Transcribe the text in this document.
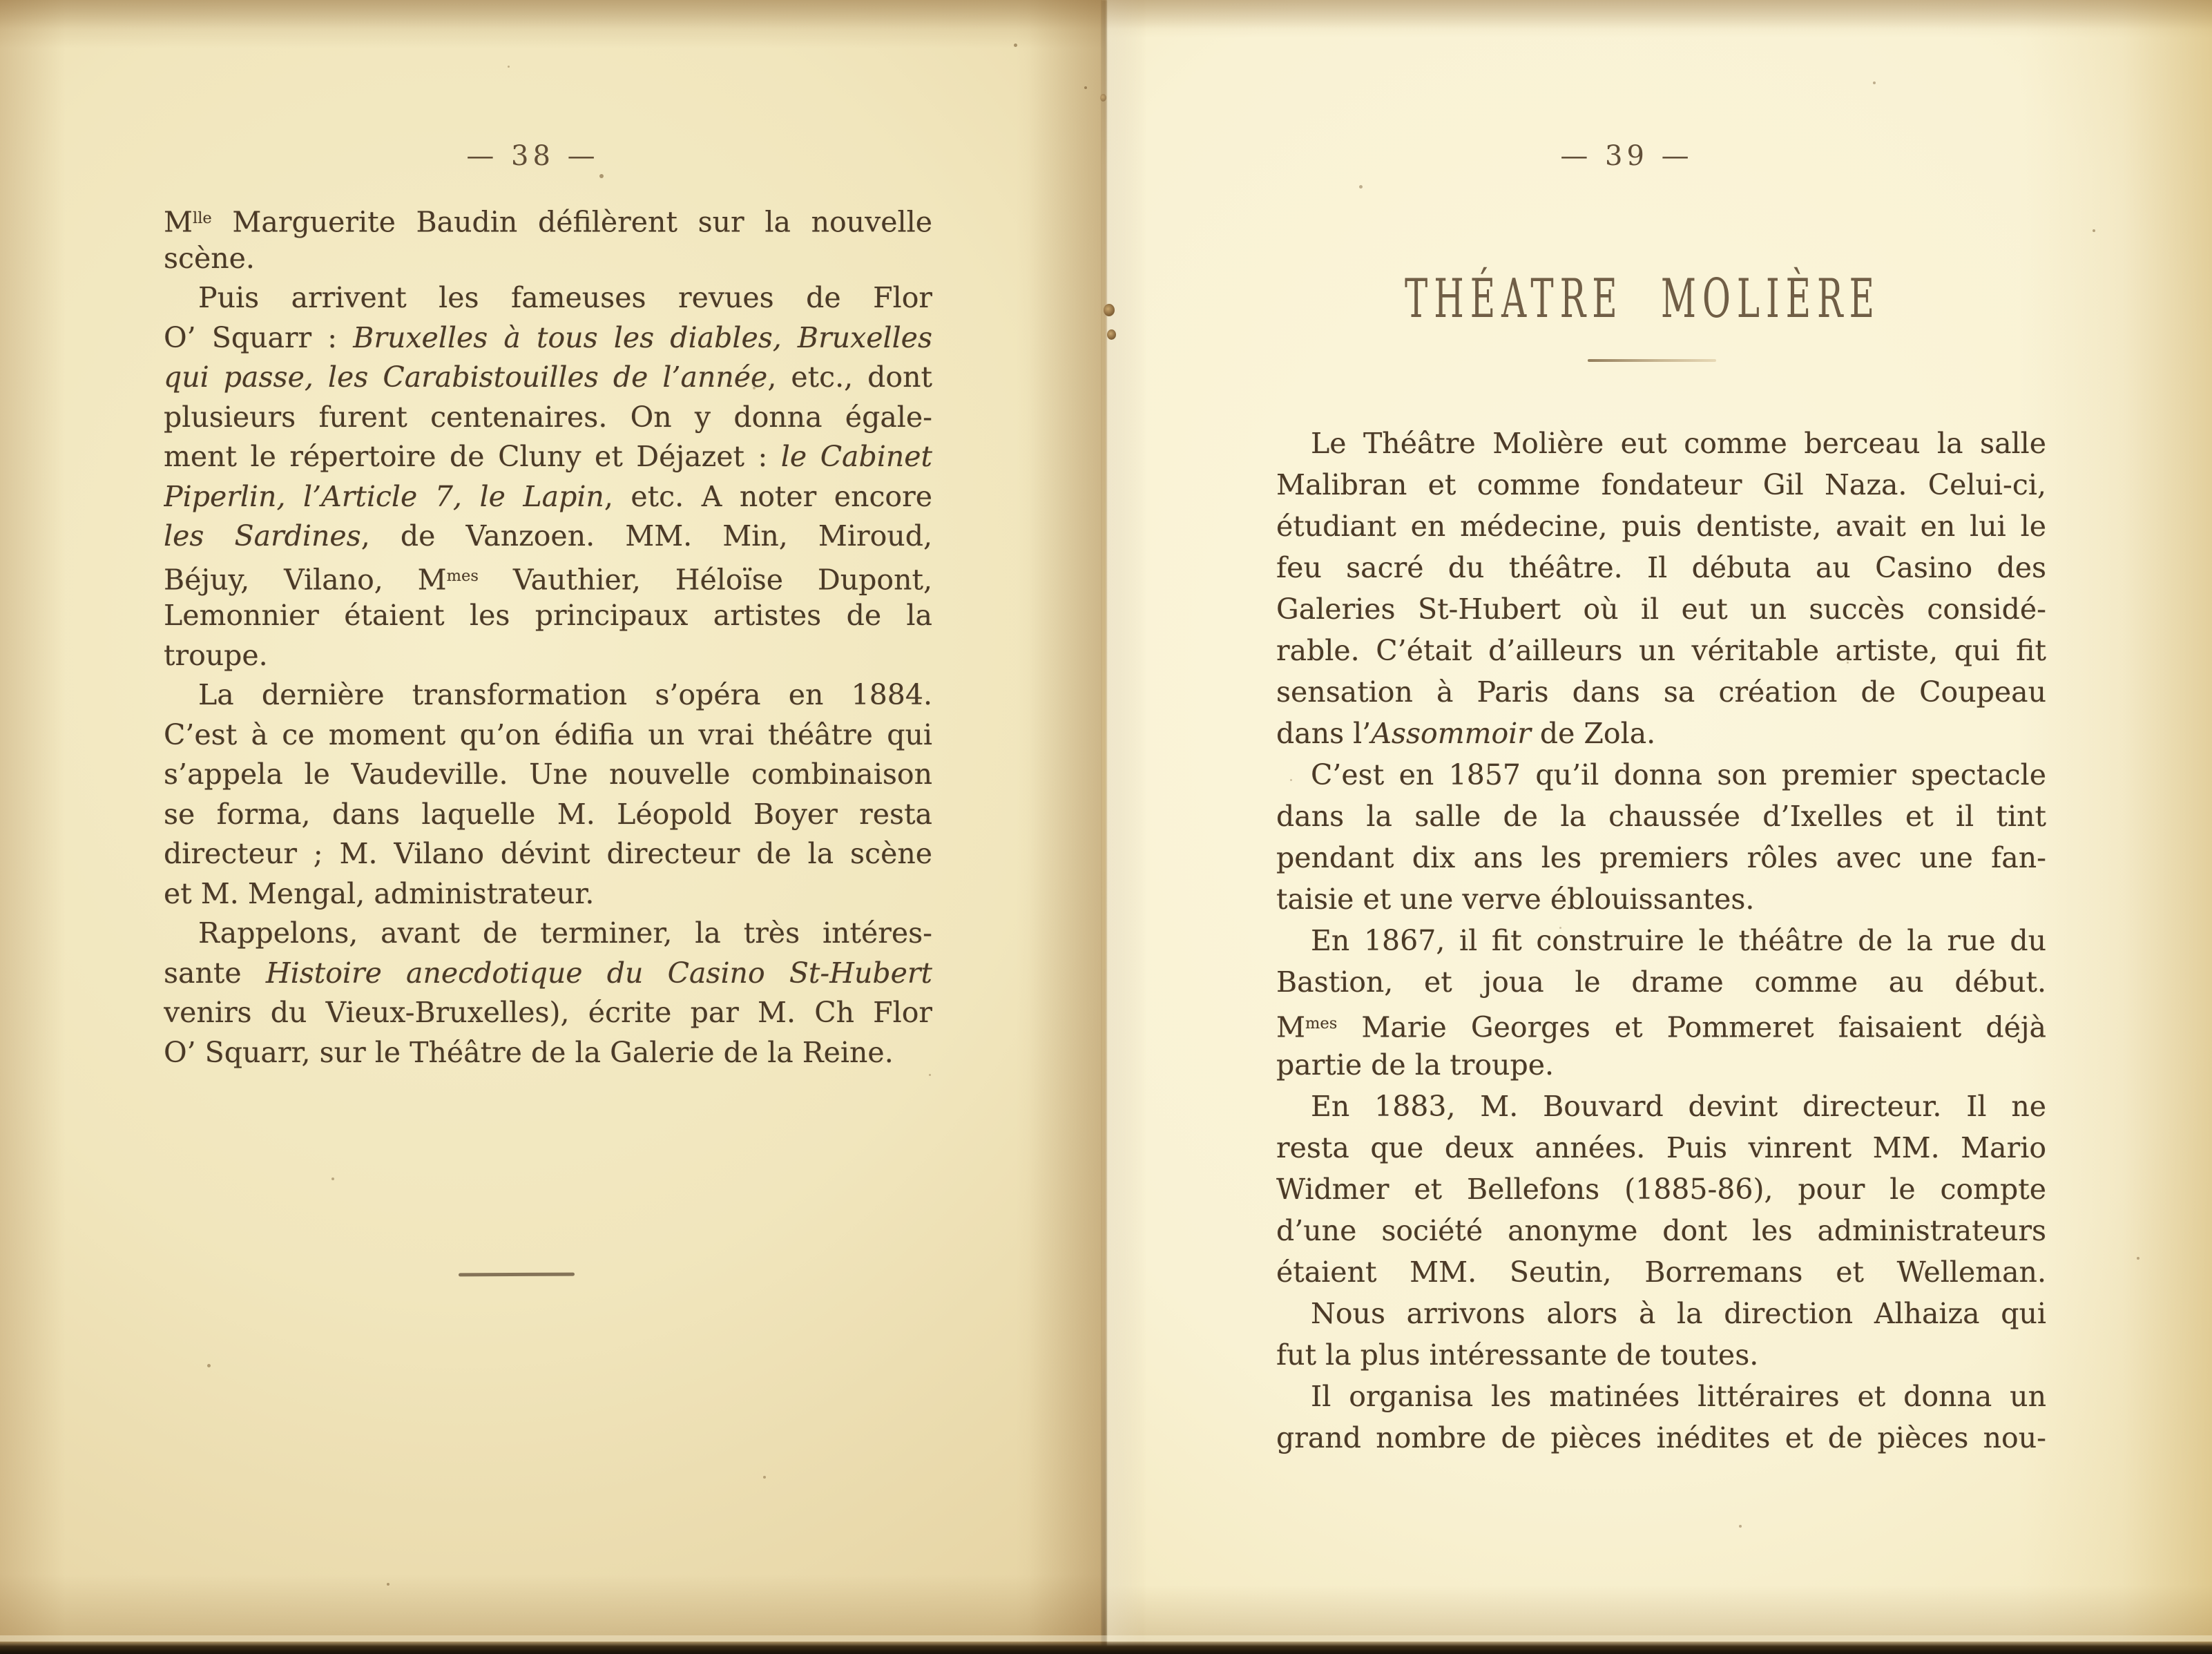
— 38 —
$M^{lle}$ Marguerite Baudin défilèrent sur la nouvelle
scène.
Puis arrivent les fameuses revues de Flor
O’ Squarr : Bruxelles à tous les diables, Bruxelles
qui passe, les Carabistouilles de l’année, etc., dont
plusieurs furent centenaires. On y donna égale-
ment le répertoire de Cluny et Déjazet : le Cabinet
Piperlin, l’Article 7, le Lapin, etc. A noter encore
les Sardines, de Vanzoen. MM. Min, Miroud,
Béjuy, Vilano, $M^{mes}$ Vauthier, Héloïse Dupont,
Lemonnier étaient les principaux artistes de la
troupe.
La dernière transformation s’opéra en 1884.
C’est à ce moment qu’on édifia un vrai théâtre qui
s’appela le Vaudeville. Une nouvelle combinaison
se forma, dans laquelle M. Léopold Boyer resta
directeur ; M. Vilano dévint directeur de la scène
et M. Mengal, administrateur.
Rappelons, avant de terminer, la très intéres-
sante Histoire anecdotique du Casino St-Hubert
venirs du Vieux-Bruxelles), écrite par M. Ch Flor
O’ Squarr, sur le Théâtre de la Galerie de la Reine.
— 39 —
THÉATRE MOLIÈRE
Le Théâtre Molière eut comme berceau la salle
Malibran et comme fondateur Gil Naza. Celui-ci,
étudiant en médecine, puis dentiste, avait en lui le
feu sacré du théâtre. Il débuta au Casino des
Galeries St-Hubert où il eut un succès considé-
rable. C’était d’ailleurs un véritable artiste, qui fit
sensation à Paris dans sa création de Coupeau
dans l’Assommoir de Zola.
C’est en 1857 qu’il donna son premier spectacle
dans la salle de la chaussée d’Ixelles et il tint
pendant dix ans les premiers rôles avec une fan-
taisie et une verve éblouissantes.
En 1867, il fit construire le théâtre de la rue du
Bastion, et joua le drame comme au début.
$M^{mes}$ Marie Georges et Pommeret faisaient déjà
partie de la troupe.
En 1883, M. Bouvard devint directeur. Il ne
resta que deux années. Puis vinrent MM. Mario
Widmer et Bellefons (1885-86), pour le compte
d’une société anonyme dont les administrateurs
étaient MM. Seutin, Borremans et Welleman.
Nous arrivons alors à la direction Alhaiza qui
fut la plus intéressante de toutes.
Il organisa les matinées littéraires et donna un
grand nombre de pièces inédites et de pièces nou-
